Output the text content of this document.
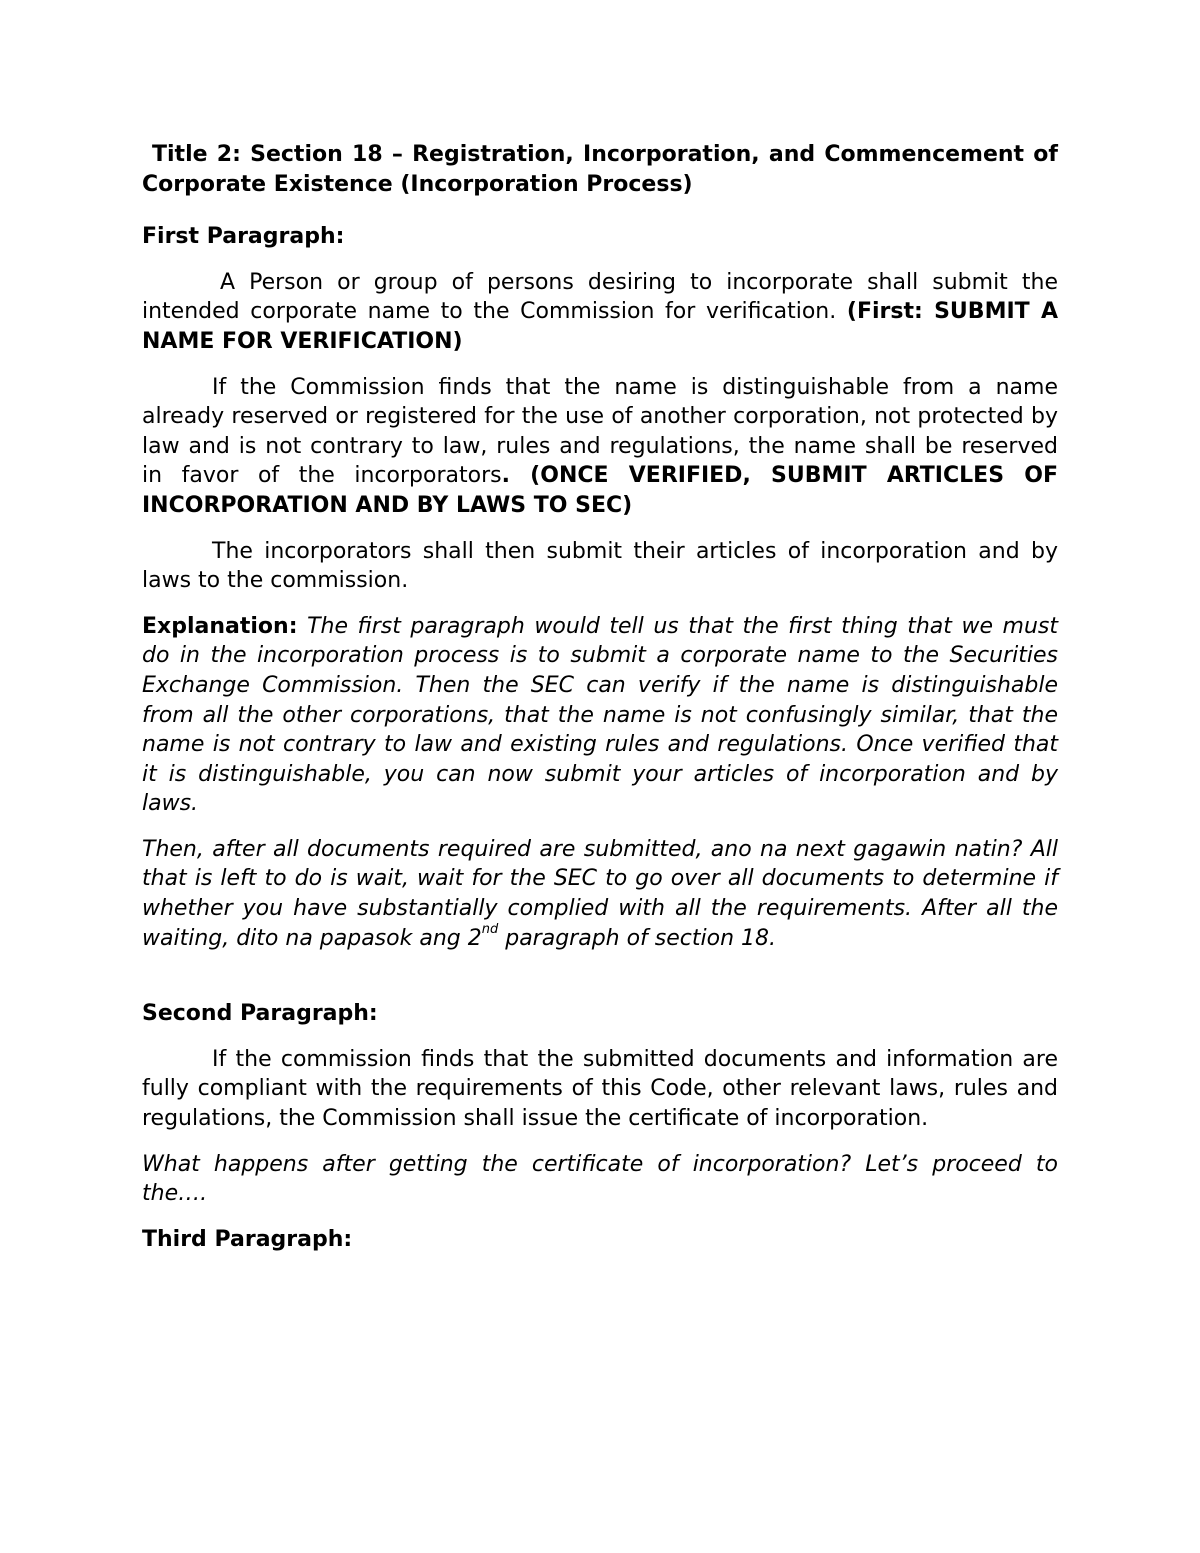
Title 2: Section 18 – Registration, Incorporation, and Commencement of Corporate Existence (Incorporation Process)

First Paragraph:

A Person or group of persons desiring to incorporate shall submit the intended corporate name to the Commission for verification. (First: SUBMIT A NAME FOR VERIFICATION)

If the Commission finds that the name is distinguishable from a name already reserved or registered for the use of another corporation, not protected by law and is not contrary to law, rules and regulations, the name shall be reserved in favor of the incorporators. (ONCE VERIFIED, SUBMIT ARTICLES OF INCORPORATION AND BY LAWS TO SEC)

The incorporators shall then submit their articles of incorporation and by laws to the commission.

Explanation: The first paragraph would tell us that the first thing that we must do in the incorporation process is to submit a corporate name to the Securities Exchange Commission. Then the SEC can verify if the name is distinguishable from all the other corporations, that the name is not confusingly similar, that the name is not contrary to law and existing rules and regulations. Once verified that it is distinguishable, you can now submit your articles of incorporation and by laws.

Then, after all documents required are submitted, ano na next gagawin natin? All that is left to do is wait, wait for the SEC to go over all documents to determine if whether you have substantially complied with all the requirements. After all the waiting, dito na papasok ang 2nd paragraph of section 18.

Second Paragraph:

If the commission finds that the submitted documents and information are fully compliant with the requirements of this Code, other relevant laws, rules and regulations, the Commission shall issue the certificate of incorporation.

What happens after getting the certificate of incorporation? Let’s proceed to the….

Third Paragraph:
